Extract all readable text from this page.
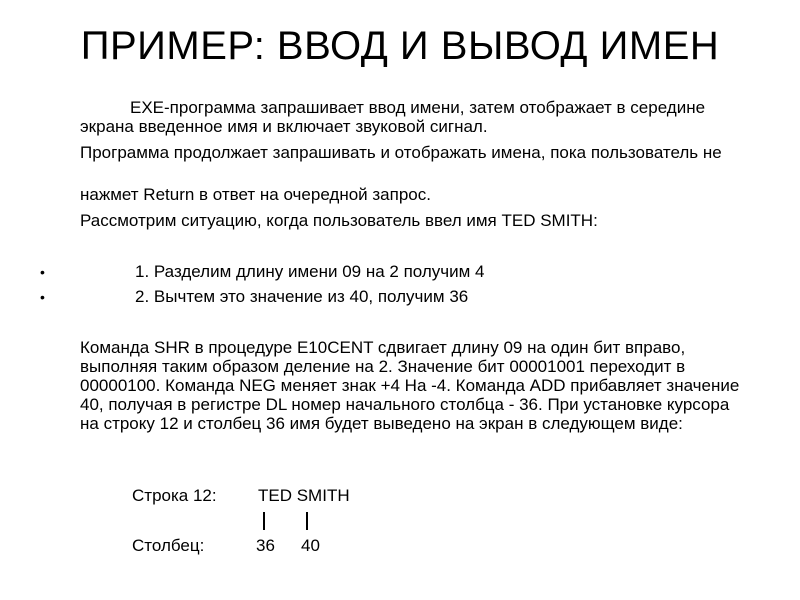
ПРИМЕР: ВВОД И ВЫВОД ИМЕН

EXE-программа запрашивает ввод имени, затем отображает в середине экрана введенное имя и включает звуковой сигнал.

Программа продолжает запрашивать и отображать имена, пока пользователь не

нажмет Return в ответ на очередной запрос.

Рассмотрим ситуацию, когда пользователь ввел имя TED SMITH:

•	1. Разделим длину имени 09 на 2 получим 4
•	2. Вычтем это значение из 40, получим 36

Команда SHR в процедуре E10CENT сдвигает длину 09 на один бит вправо, выполняя таким образом деление на 2. Значение бит 00001001 переходит в 00000100. Команда NEG меняет знак +4 На -4. Команда ADD прибавляет значение 40, получая в регистре DL номер начального столбца - 36. При установке курсора на строку 12 и столбец 36 имя будет выведено на экран в следующем виде:

Строка 12: TED SMITH
Столбец:	36 40
